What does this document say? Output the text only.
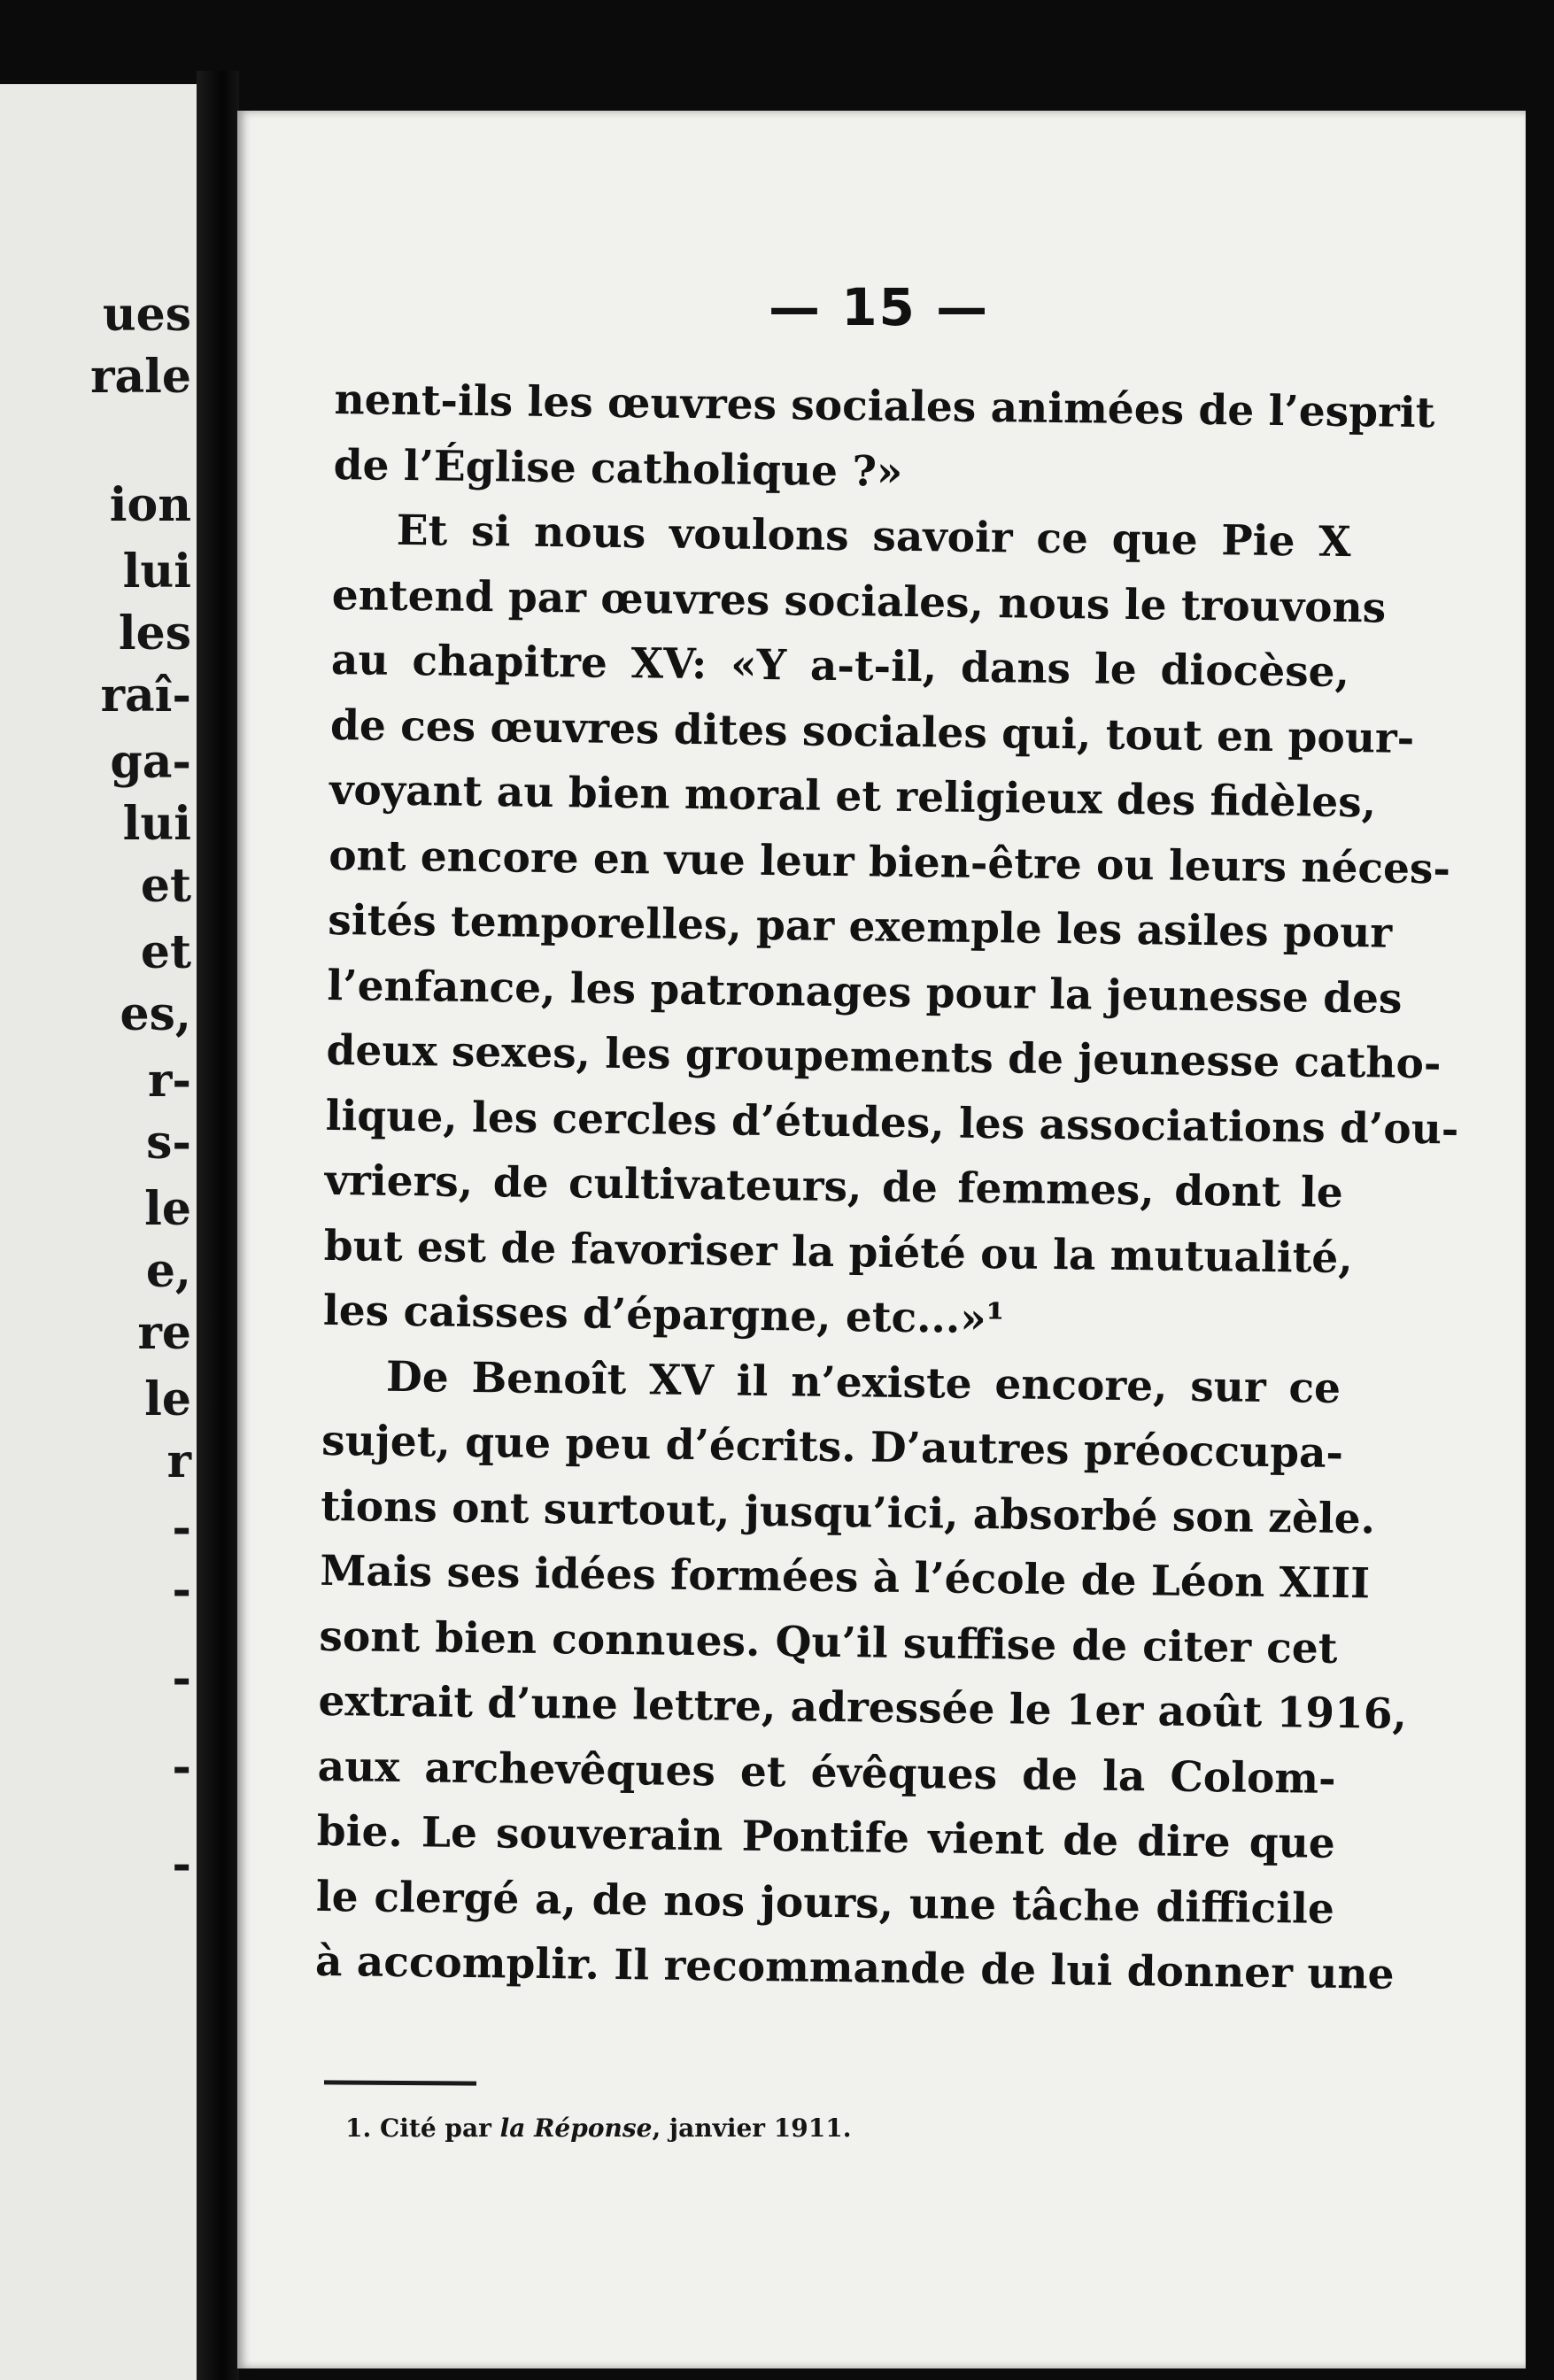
ues
rale
ion
lui
les
raî-
ga-
lui
et
et
es,
r-
s-
le
e,
re
le
r
-
-
-
-
-
— 15 —
nent-ils les œuvres sociales animées de l’esprit
de l’Église catholique ?»
Et si nous voulons savoir ce que Pie X
entend par œuvres sociales, nous le trouvons
au chapitre XV: «Y a-t-il, dans le diocèse,
de ces œuvres dites sociales qui, tout en pour-
voyant au bien moral et religieux des fidèles,
ont encore en vue leur bien-être ou leurs néces-
sités temporelles, par exemple les asiles pour
l’enfance, les patronages pour la jeunesse des
deux sexes, les groupements de jeunesse catho-
lique, les cercles d’études, les associations d’ou-
vriers, de cultivateurs, de femmes, dont le
but est de favoriser la piété ou la mutualité,
les caisses d’épargne, etc...»¹
De Benoît XV il n’existe encore, sur ce
sujet, que peu d’écrits. D’autres préoccupa-
tions ont surtout, jusqu’ici, absorbé son zèle.
Mais ses idées formées à l’école de Léon XIII
sont bien connues. Qu’il suffise de citer cet
extrait d’une lettre, adressée le 1er août 1916,
aux archevêques et évêques de la Colom-
bie. Le souverain Pontife vient de dire que
le clergé a, de nos jours, une tâche difficile
à accomplir. Il recommande de lui donner une
1. Cité par la Réponse, janvier 1911.
